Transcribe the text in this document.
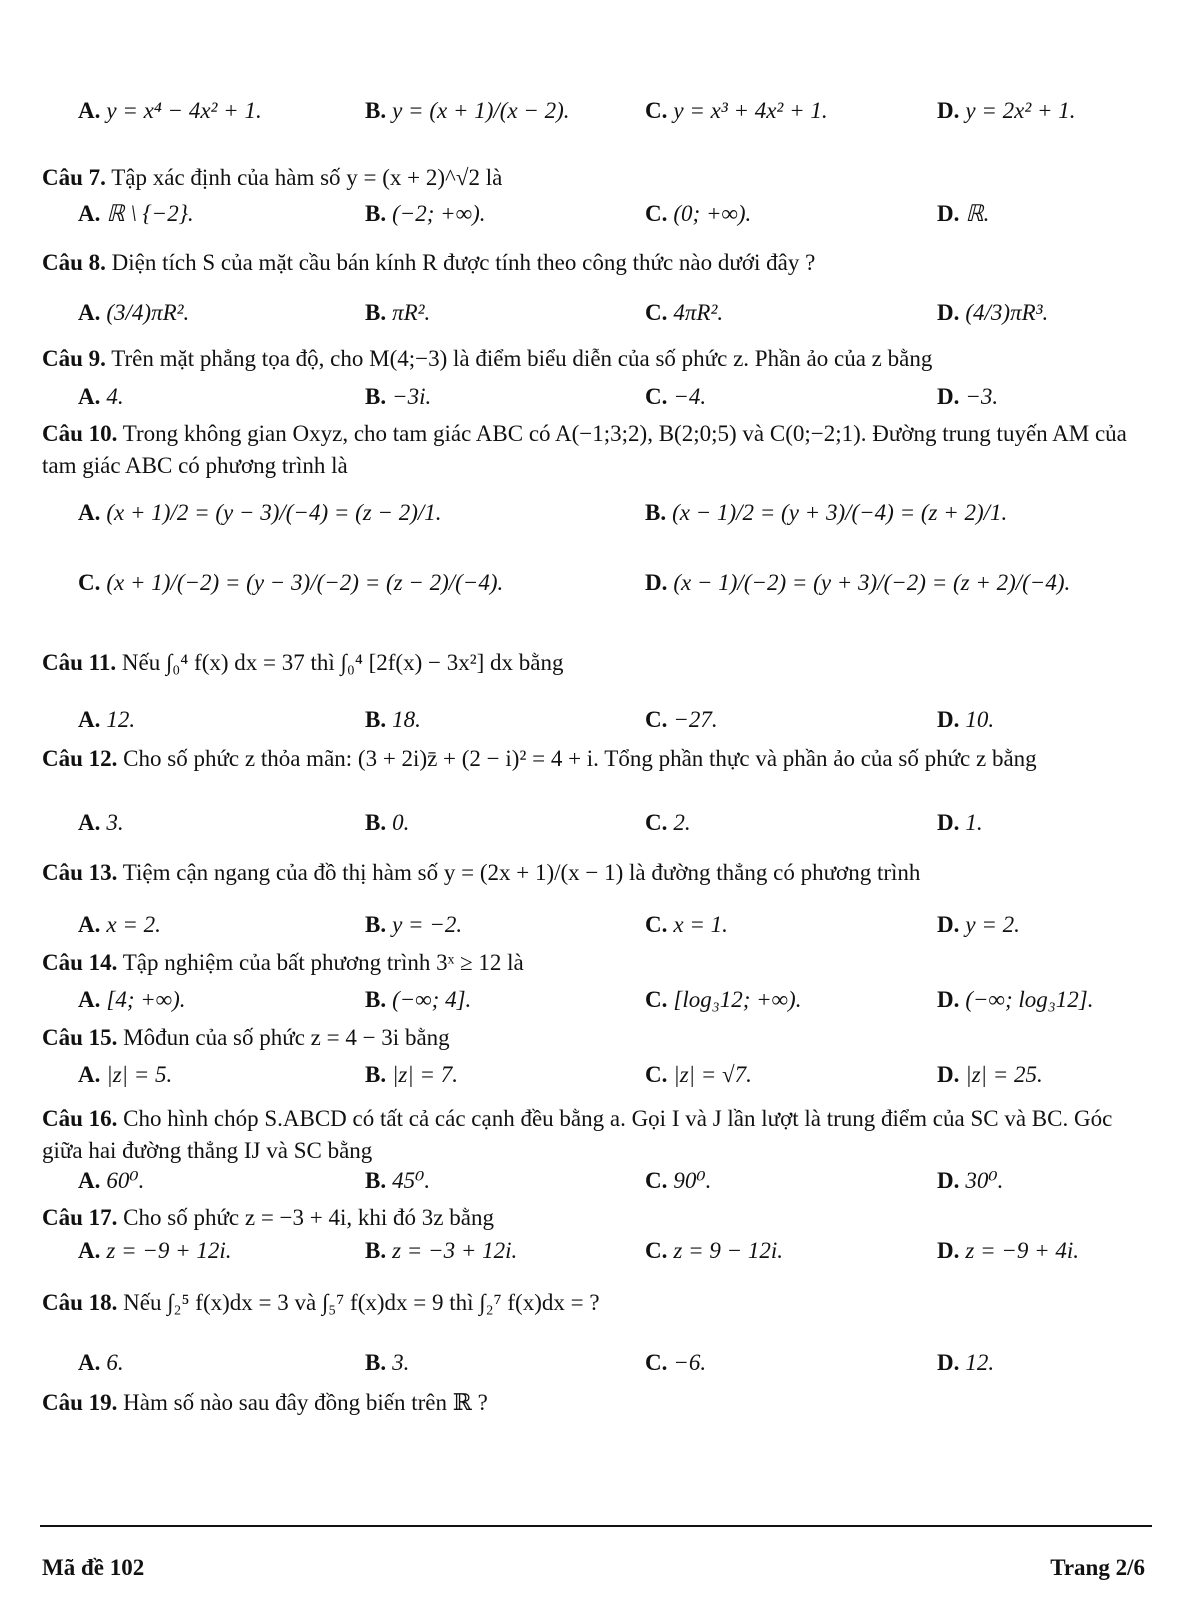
A. y = x⁴ − 4x² + 1.	B. y = (x + 1)/(x − 2).	C. y = x³ + 4x² + 1.	D. y = 2x² + 1.
Câu 7. Tập xác định của hàm số y = (x + 2)^√2 là
A. ℝ \ {−2}.	B. (−2; +∞).	C. (0; +∞).	D. ℝ.
Câu 8. Diện tích S của mặt cầu bán kính R được tính theo công thức nào dưới đây ?
A. (3/4)πR².	B. πR².	C. 4πR².	D. (4/3)πR³.
Câu 9. Trên mặt phẳng tọa độ, cho M(4;−3) là điểm biểu diễn của số phức z. Phần ảo của z bằng
A. 4.	B. −3i.	C. −4.	D. −3.
Câu 10. Trong không gian Oxyz, cho tam giác ABC có A(−1;3;2), B(2;0;5) và C(0;−2;1). Đường trung tuyến AM của tam giác ABC có phương trình là
A. (x + 1)/2 = (y − 3)/(−4) = (z − 2)/1.	B. (x − 1)/2 = (y + 3)/(−4) = (z + 2)/1.
C. (x + 1)/(−2) = (y − 3)/(−2) = (z − 2)/(−4).	D. (x − 1)/(−2) = (y + 3)/(−2) = (z + 2)/(−4).
Câu 11. Nếu ∫₀⁴ f(x) dx = 37 thì ∫₀⁴ [2f(x) − 3x²] dx bằng
A. 12.	B. 18.	C. −27.	D. 10.
Câu 12. Cho số phức z thỏa mãn: (3 + 2i)z̄ + (2 − i)² = 4 + i. Tổng phần thực và phần ảo của số phức z bằng
A. 3.	B. 0.	C. 2.	D. 1.
Câu 13. Tiệm cận ngang của đồ thị hàm số y = (2x + 1)/(x − 1) là đường thẳng có phương trình
A. x = 2.	B. y = −2.	C. x = 1.	D. y = 2.
Câu 14. Tập nghiệm của bất phương trình 3ˣ ≥ 12 là
A. [4; +∞).	B. (−∞; 4].	C. [log₃12; +∞).	D. (−∞; log₃12].
Câu 15. Môđun của số phức z = 4 − 3i bằng
A. |z| = 5.	B. |z| = 7.	C. |z| = √7.	D. |z| = 25.
Câu 16. Cho hình chóp S.ABCD có tất cả các cạnh đều bằng a. Gọi I và J lần lượt là trung điểm của SC và BC. Góc giữa hai đường thẳng IJ và SC bằng
A. 60⁰.	B. 45⁰.	C. 90⁰.	D. 30⁰.
Câu 17. Cho số phức z = −3 + 4i, khi đó 3z bằng
A. z = −9 + 12i.	B. z = −3 + 12i.	C. z = 9 − 12i.	D. z = −9 + 4i.
Câu 18. Nếu ∫₂⁵ f(x)dx = 3 và ∫₅⁷ f(x)dx = 9 thì ∫₂⁷ f(x)dx = ?
A. 6.	B. 3.	C. −6.	D. 12.
Câu 19. Hàm số nào sau đây đồng biến trên ℝ ?
Mã đề 102	Trang 2/6
